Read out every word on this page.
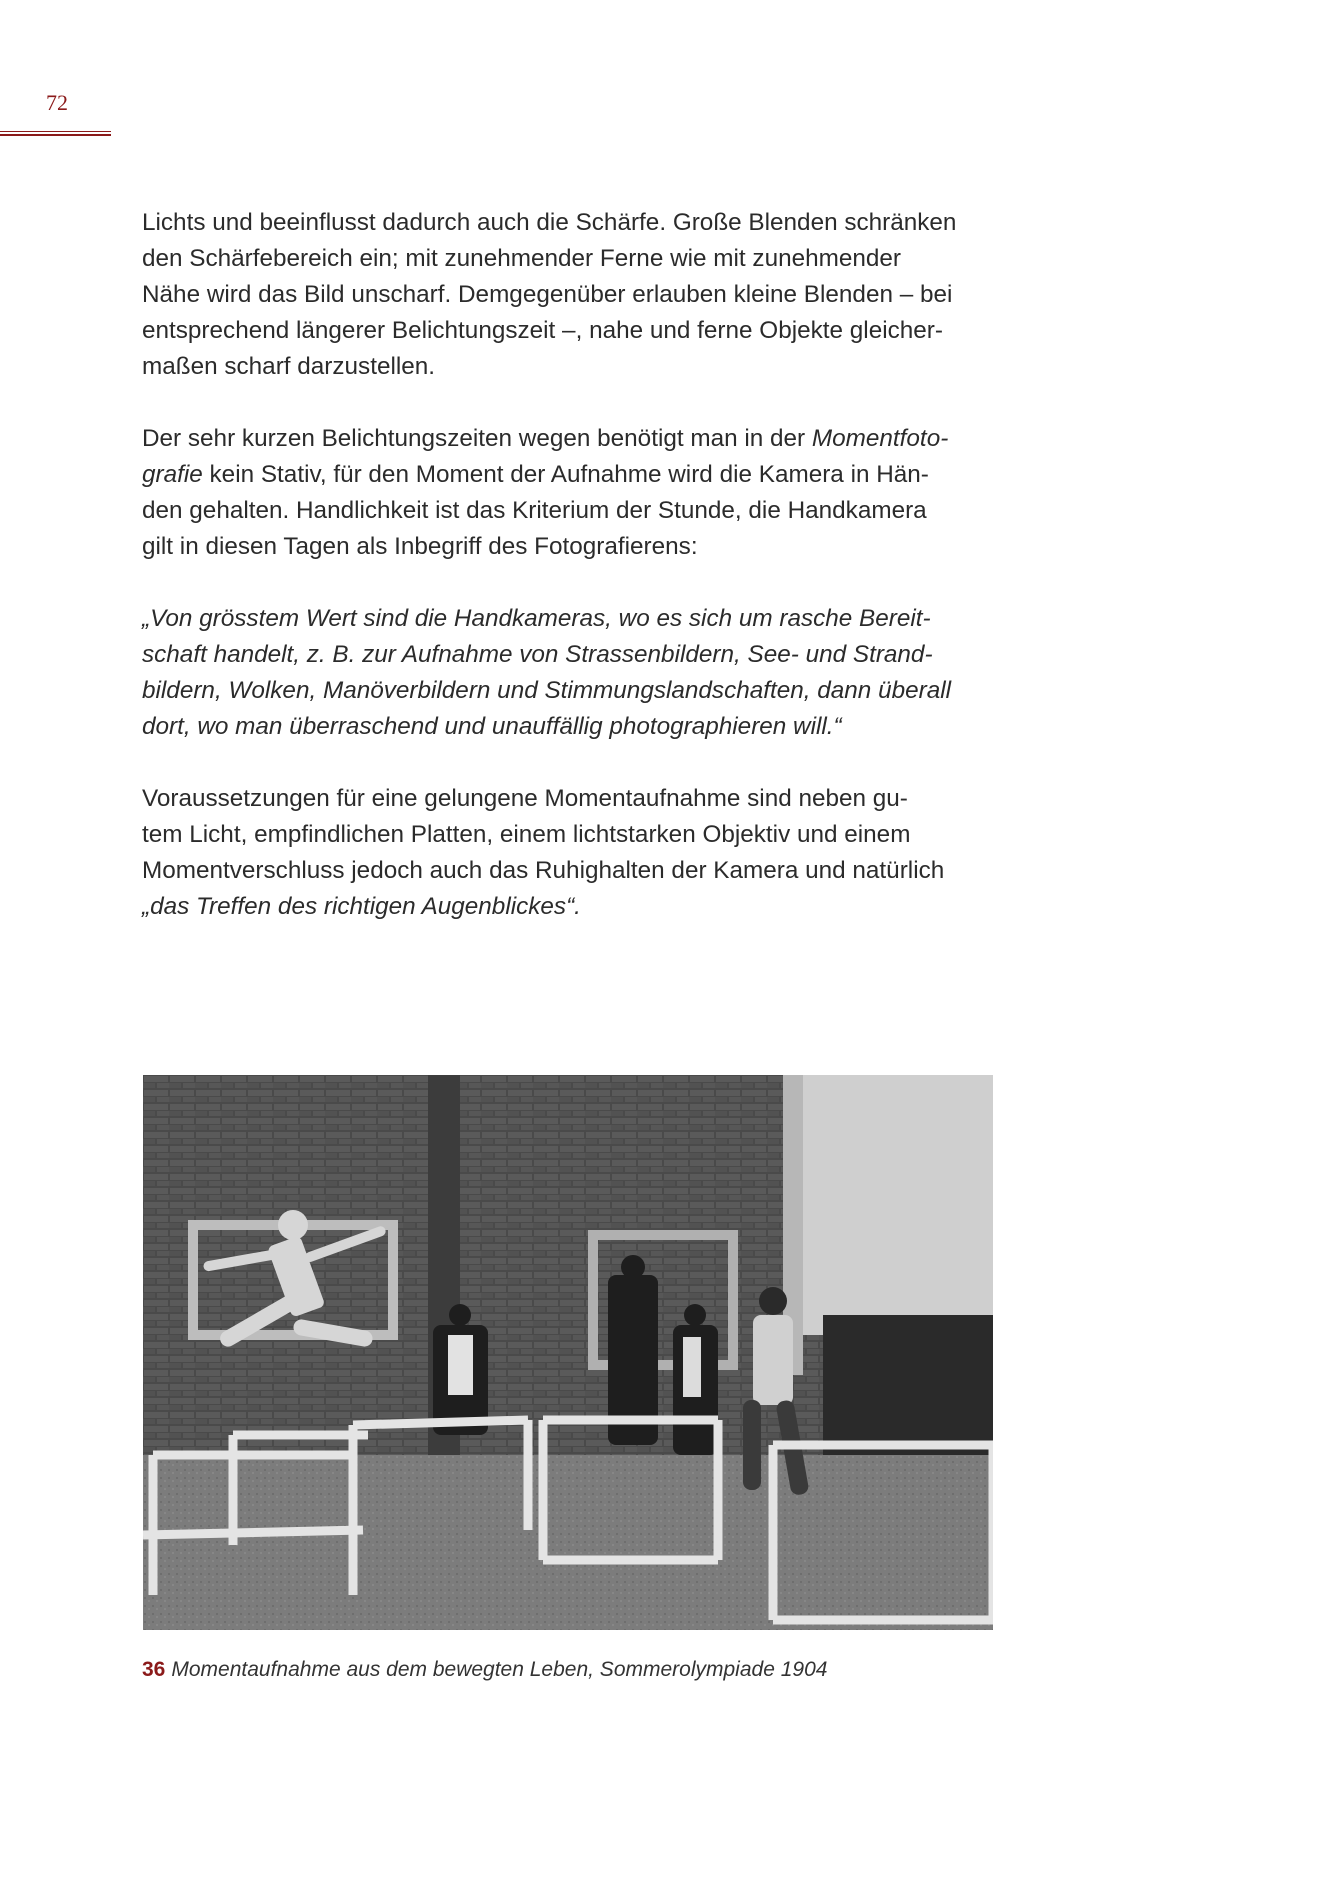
72

Lichts und beeinflusst dadurch auch die Schärfe. Große Blenden schränken
den Schärfebereich ein; mit zunehmender Ferne wie mit zunehmender
Nähe wird das Bild unscharf. Demgegenüber erlauben kleine Blenden – bei
entsprechend längerer Belichtungszeit –, nahe und ferne Objekte gleicher-
maßen scharf darzustellen.

Der sehr kurzen Belichtungszeiten wegen benötigt man in der Momentfoto-
grafie kein Stativ, für den Moment der Aufnahme wird die Kamera in Hän-
den gehalten. Handlichkeit ist das Kriterium der Stunde, die Handkamera
gilt in diesen Tagen als Inbegriff des Fotografierens:

„Von grösstem Wert sind die Handkameras, wo es sich um rasche Bereit-
schaft handelt, z. B. zur Aufnahme von Strassenbildern, See- und Strand-
bildern, Wolken, Manöverbildern und Stimmungslandschaften, dann überall
dort, wo man überraschend und unauffällig photographieren will.“

Voraussetzungen für eine gelungene Momentaufnahme sind neben gu-
tem Licht, empfindlichen Platten, einem lichtstarken Objektiv und einem
Momentverschluss jedoch auch das Ruhighalten der Kamera und natürlich
„das Treffen des richtigen Augenblickes“.

36 Momentaufnahme aus dem bewegten Leben, Sommerolympiade 1904
